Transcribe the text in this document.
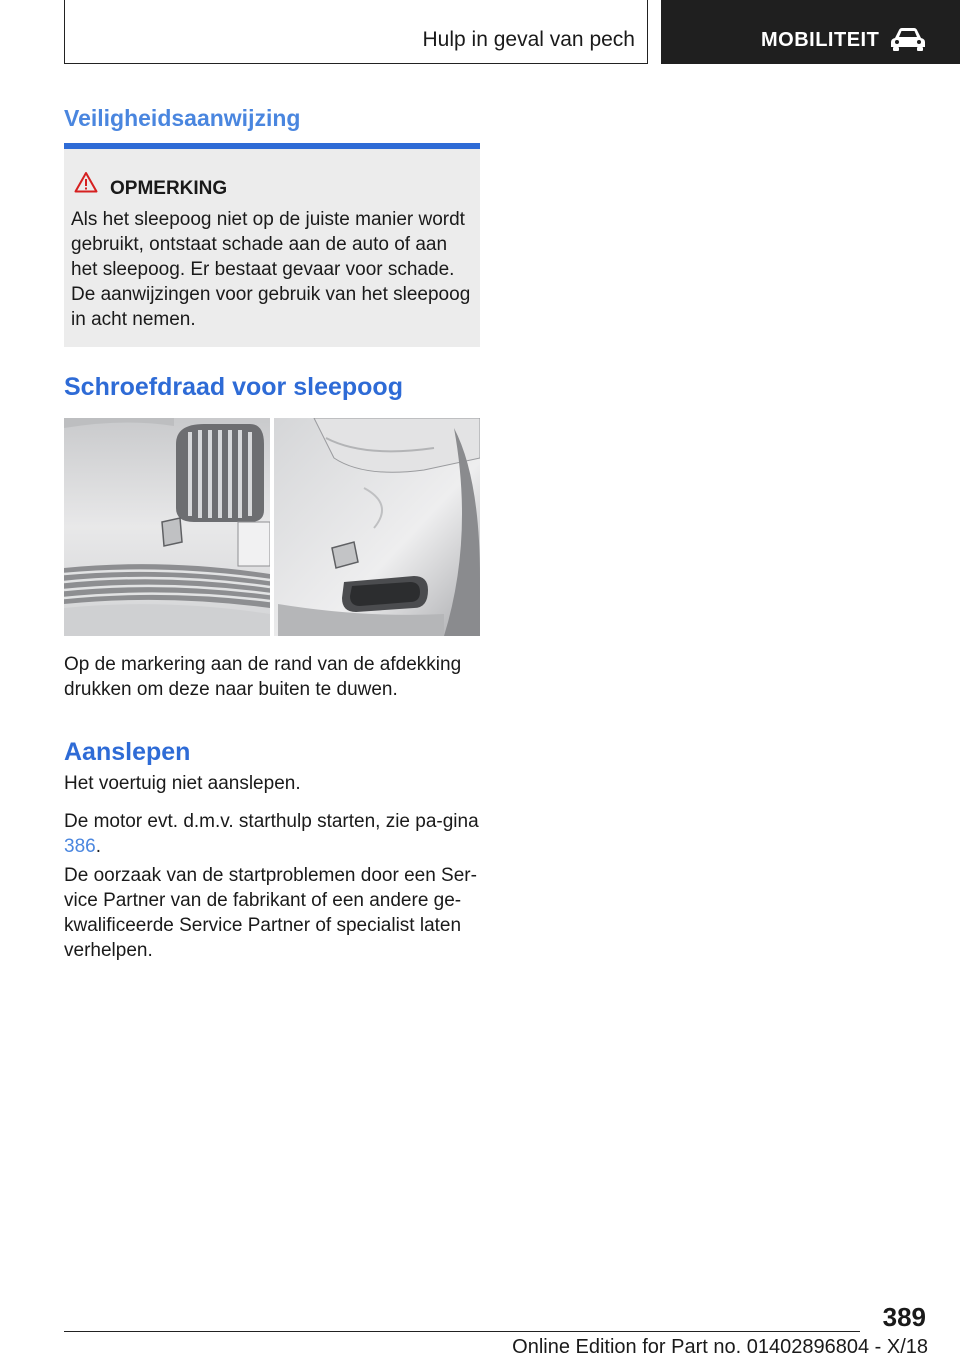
Hulp in geval van pech	MOBILITEIT
Veiligheidsaanwijzing
OPMERKING
Als het sleepoog niet op de juiste manier wordt gebruikt, ontstaat schade aan de auto of aan het sleepoog. Er bestaat gevaar voor schade. De aanwijzingen voor gebruik van het sleepoog in acht nemen.
Schroefdraad voor sleepoog
Op de markering aan de rand van de afdekking drukken om deze naar buiten te duwen.
Aanslepen
Het voertuig niet aanslepen.
De motor evt. d.m.v. starthulp starten, zie pa-gina 386.
De oorzaak van de startproblemen door een Ser-vice Partner van de fabrikant of een andere ge-kwalificeerde Service Partner of specialist laten verhelpen.
389
Online Edition for Part no. 01402896804 - X/18
